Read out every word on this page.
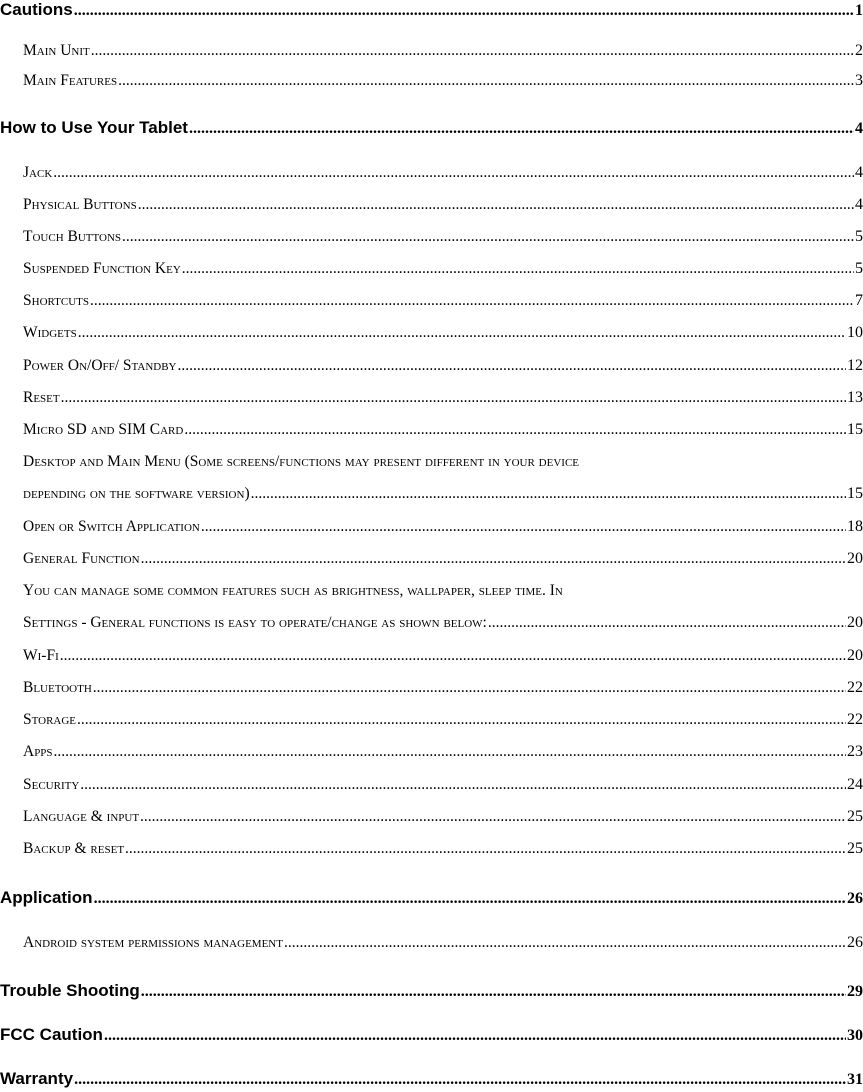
Cautions .....	1
Main Unit .....	2
Main Features .....	3
How to Use Your Tablet .....	4
Jack .....	4
Physical Buttons .....	4
Touch Buttons .....	5
Suspended Function Key .....	5
Shortcuts .....	7
Widgets .....	10
Power On/Off/ Standby .....	12
Reset .....	13
Micro SD and SIM Card .....	15
Desktop and Main Menu (Some screens/functions may present different in your device
depending on the software version) .....	15
Open or Switch Application .....	18
General Function .....	20
You can manage some common features such as brightness, wallpaper, sleep time. In
Settings - General functions is easy to operate/change as shown below: .....	20
Wi-Fi .....	20
Bluetooth .....	22
Storage .....	22
Apps .....	23
Security .....	24
Language & input .....	25
Backup & reset .....	25
Application .....	26
Android system permissions management .....	26
Trouble Shooting .....	29
FCC Caution .....	30
Warranty .....	31
